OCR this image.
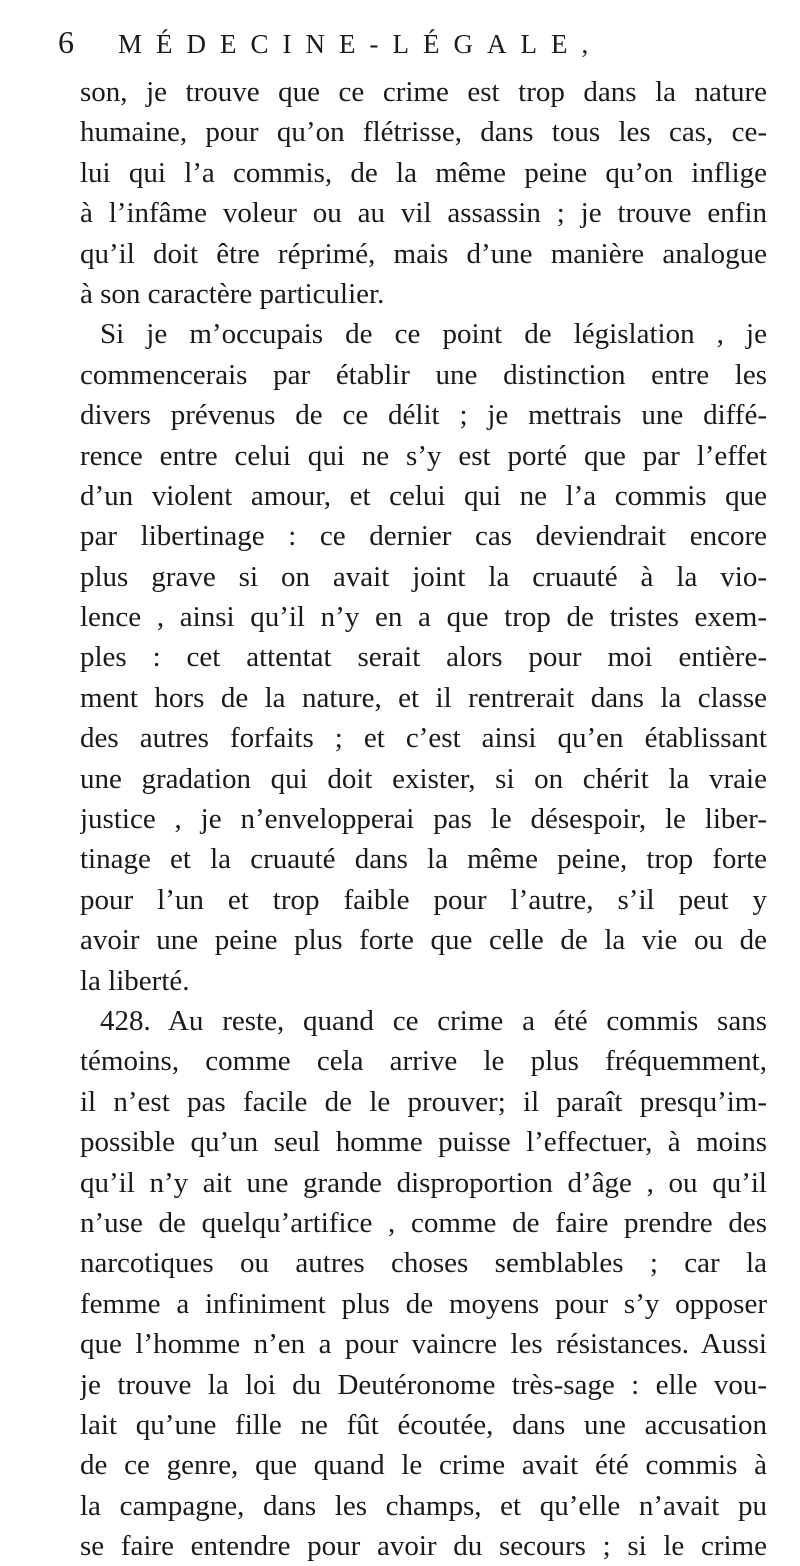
6 MÉDECINE-LÉGALE,
son, je trouve que ce crime est trop dans la nature
humaine, pour qu’on flétrisse, dans tous les cas, ce-
lui qui l’a commis, de la même peine qu’on inflige
à l’infâme voleur ou au vil assassin ; je trouve enfin
qu’il doit être réprimé, mais d’une manière analogue
à son caractère particulier.
Si je m’occupais de ce point de législation , je
commencerais par établir une distinction entre les
divers prévenus de ce délit ; je mettrais une diffé-
rence entre celui qui ne s’y est porté que par l’effet
d’un violent amour, et celui qui ne l’a commis que
par libertinage : ce dernier cas deviendrait encore
plus grave si on avait joint la cruauté à la vio-
lence , ainsi qu’il n’y en a que trop de tristes exem-
ples : cet attentat serait alors pour moi entière-
ment hors de la nature, et il rentrerait dans la classe
des autres forfaits ; et c’est ainsi qu’en établissant
une gradation qui doit exister, si on chérit la vraie
justice , je n’envelopperai pas le désespoir, le liber-
tinage et la cruauté dans la même peine, trop forte
pour l’un et trop faible pour l’autre, s’il peut y
avoir une peine plus forte que celle de la vie ou de
la liberté.
428. Au reste, quand ce crime a été commis sans
témoins, comme cela arrive le plus fréquemment,
il n’est pas facile de le prouver; il paraît presqu’im-
possible qu’un seul homme puisse l’effectuer, à moins
qu’il n’y ait une grande disproportion d’âge , ou qu’il
n’use de quelqu’artifice , comme de faire prendre des
narcotiques ou autres choses semblables ; car la
femme a infiniment plus de moyens pour s’y opposer
que l’homme n’en a pour vaincre les résistances. Aussi
je trouve la loi du Deutéronome très-sage : elle vou-
lait qu’une fille ne fût écoutée, dans une accusation
de ce genre, que quand le crime avait été commis à
la campagne, dans les champs, et qu’elle n’avait pu
se faire entendre pour avoir du secours ; si le crime
